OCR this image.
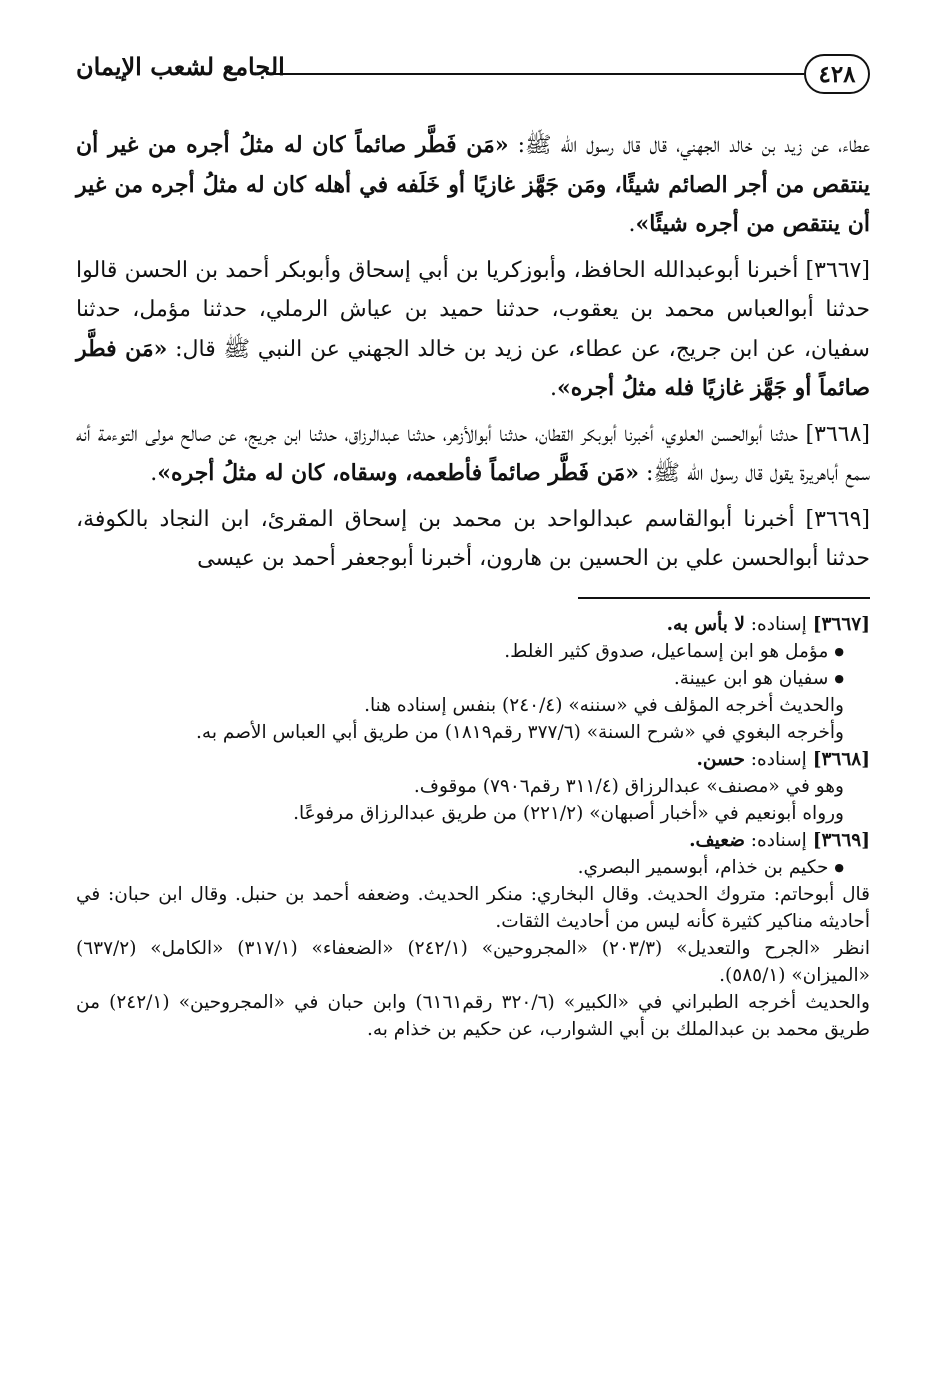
٤٢٨
الجامع لشعب الإيمان

عطاء، عن زيد بن خالد الجهني، قال قال رسول الله ﷺ: «مَن فَطَّر صائماً كان له مثلُ أجره من غير أن ينتقص من أجر الصائم شيئًا، ومَن جَهَّز غازيًا أو خَلَفه في أهله كان له مثلُ أجره من غير أن ينتقص من أجره شيئًا».

[٣٦٦٧] أخبرنا أبوعبدالله الحافظ، وأبوزكريا بن أبي إسحاق وأبوبكر أحمد بن الحسن قالوا حدثنا أبوالعباس محمد بن يعقوب، حدثنا حميد بن عياش الرملي، حدثنا مؤمل، حدثنا سفيان، عن ابن جريج، عن عطاء، عن زيد بن خالد الجهني عن النبي ﷺ قال: «مَن فطَّر صائماً أو جَهَّز غازيًا فله مثلُ أجره».

[٣٦٦٨] حدثنا أبوالحسن العلوي، أخبرنا أبوبكر القطان، حدثنا أبوالأزهر، حدثنا عبدالرزاق، حدثنا ابن جريج، عن صالح مولى التوءمة أنه سمع أباهريرة يقول قال رسول الله ﷺ: «مَن فَطَّر صائماً فأطعمه، وسقاه، كان له مثلُ أجره».

[٣٦٦٩] أخبرنا أبوالقاسم عبدالواحد بن محمد بن إسحاق المقرئ، ابن النجاد بالكوفة، حدثنا أبوالحسن علي بن الحسين بن هارون، أخبرنا أبوجعفر أحمد بن عيسى

[٣٦٦٧] إسناده: لا بأس به.

● مؤمل هو ابن إسماعيل، صدوق كثير الغلط.

● سفيان هو ابن عيينة.

والحديث أخرجه المؤلف في «سننه» (٢٤٠/٤) بنفس إسناده هنا.

وأخرجه البغوي في «شرح السنة» (٣٧٧/٦ رقم١٨١٩) من طريق أبي العباس الأصم به.

[٣٦٦٨] إسناده: حسن.

وهو في «مصنف» عبدالرزاق (٣١١/٤ رقم٧٩٠٦) موقوف.

ورواه أبونعيم في «أخبار أصبهان» (٢٢١/٢) من طريق عبدالرزاق مرفوعًا.

[٣٦٦٩] إسناده: ضعيف.

● حكيم بن خذام، أبوسمير البصري.

قال أبوحاتم: متروك الحديث. وقال البخاري: منكر الحديث. وضعفه أحمد بن حنبل. وقال ابن حبان: في أحاديثه مناكير كثيرة كأنه ليس من أحاديث الثقات.

انظر «الجرح والتعديل» (٢٠٣/٣) «المجروحين» (٢٤٢/١) «الضعفاء» (٣١٧/١) «الكامل» (٦٣٧/٢) «الميزان» (٥٨٥/١).

والحديث أخرجه الطبراني في «الكبير» (٣٢٠/٦ رقم٦١٦١) وابن حبان في «المجروحين» (٢٤٢/١) من طريق محمد بن عبدالملك بن أبي الشوارب، عن حكيم بن خذام به.
